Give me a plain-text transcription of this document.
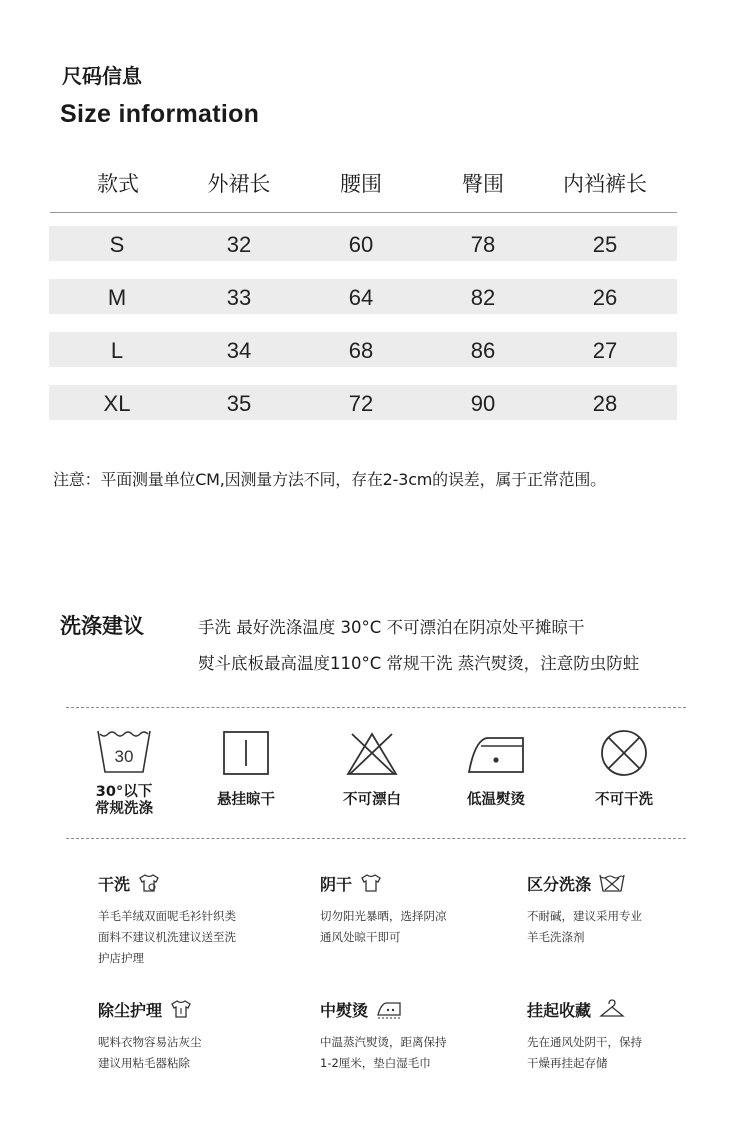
尺码信息
Size information
款式	外裙长	腰围	臀围	内裆裤长
S	32	60	78	25
M	33	64	82	26
L	34	68	86	27
XL	35	72	90	28
注意：平面测量单位CM,因测量方法不同，存在2-3cm的误差，属于正常范围。
洗涤建议	手洗 最好洗涤温度 30°C 不可漂泊在阴凉处平摊晾干
熨斗底板最高温度110°C 常规干洗 蒸汽熨烫，注意防虫防蛀
30
30°以下
常规洗涤
悬挂晾干	不可漂白	低温熨烫	不可干洗
干洗
羊毛羊绒双面呢毛衫针织类
面料不建议机洗建议送至洗
护店护理
阴干
切勿阳光暴晒，选择阴凉
通风处晾干即可
区分洗涤
不耐碱，建议采用专业
羊毛洗涤剂
除尘护理
呢料衣物容易沾灰尘
建议用粘毛器粘除
中熨烫
中温蒸汽熨烫，距离保持
1-2厘米，垫白湿毛巾
挂起收藏
先在通风处阴干，保持
干燥再挂起存储
